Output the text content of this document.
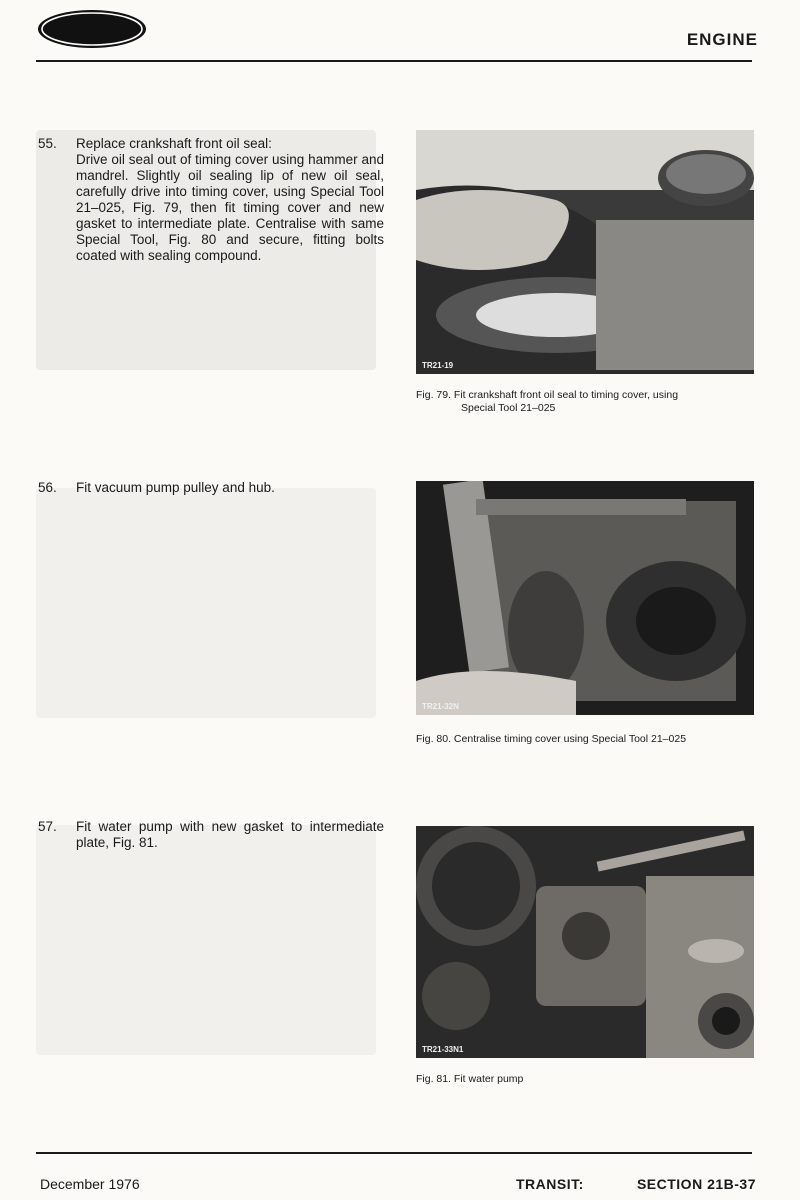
ENGINE
55. Replace crankshaft front oil seal:
Drive oil seal out of timing cover using hammer and mandrel. Slightly oil sealing lip of new oil seal, carefully drive into timing cover, using Special Tool 21–025, Fig. 79, then fit timing cover and new gasket to intermediate plate. Centralise with same Special Tool, Fig. 80 and secure, fitting bolts coated with sealing compound.
TR21-19
Fig. 79. Fit crankshaft front oil seal to timing cover, using
Special Tool 21–025
56. Fit vacuum pump pulley and hub.
TR21-32N
Fig. 80. Centralise timing cover using Special Tool 21–025
57. Fit water pump with new gasket to intermediate plate, Fig. 81.
TR21-33N1
Fig. 81. Fit water pump
December 1976	TRANSIT:	SECTION 21B-37
